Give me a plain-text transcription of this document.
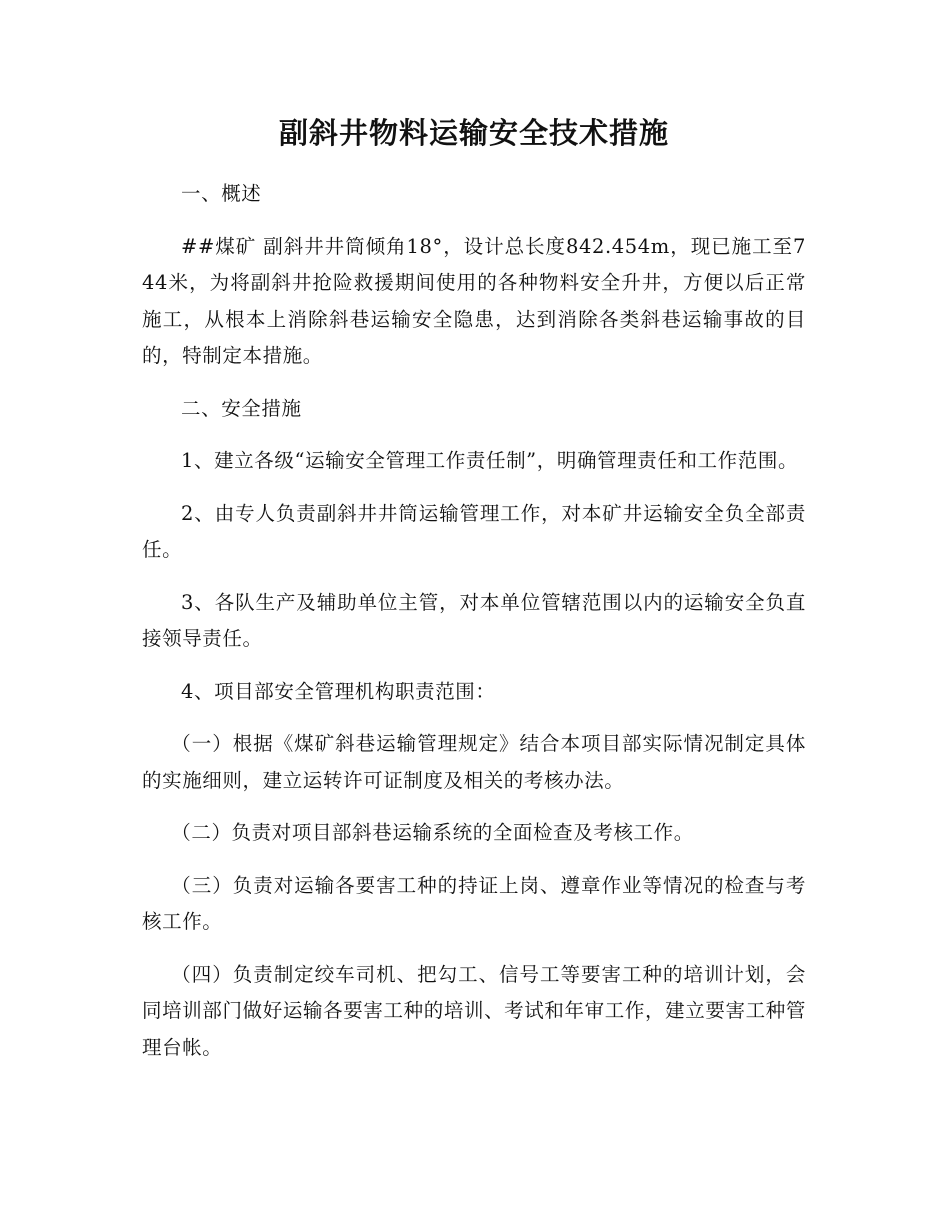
副斜井物料运输安全技术措施

一、概述

##煤矿 副斜井井筒倾角18°，设计总长度842.454m，现已施工至744米，为将副斜井抢险救援期间使用的各种物料安全升井，方便以后正常施工，从根本上消除斜巷运输安全隐患，达到消除各类斜巷运输事故的目的，特制定本措施。

二、安全措施

1、建立各级“运输安全管理工作责任制”，明确管理责任和工作范围。

2、由专人负责副斜井井筒运输管理工作，对本矿井运输安全负全部责任。

3、各队生产及辅助单位主管，对本单位管辖范围以内的运输安全负直接领导责任。

4、项目部安全管理机构职责范围：

（一）根据《煤矿斜巷运输管理规定》结合本项目部实际情况制定具体的实施细则，建立运转许可证制度及相关的考核办法。

（二）负责对项目部斜巷运输系统的全面检查及考核工作。

（三）负责对运输各要害工种的持证上岗、遵章作业等情况的检查与考核工作。

（四）负责制定绞车司机、把勾工、信号工等要害工种的培训计划，会同培训部门做好运输各要害工种的培训、考试和年审工作，建立要害工种管理台帐。
